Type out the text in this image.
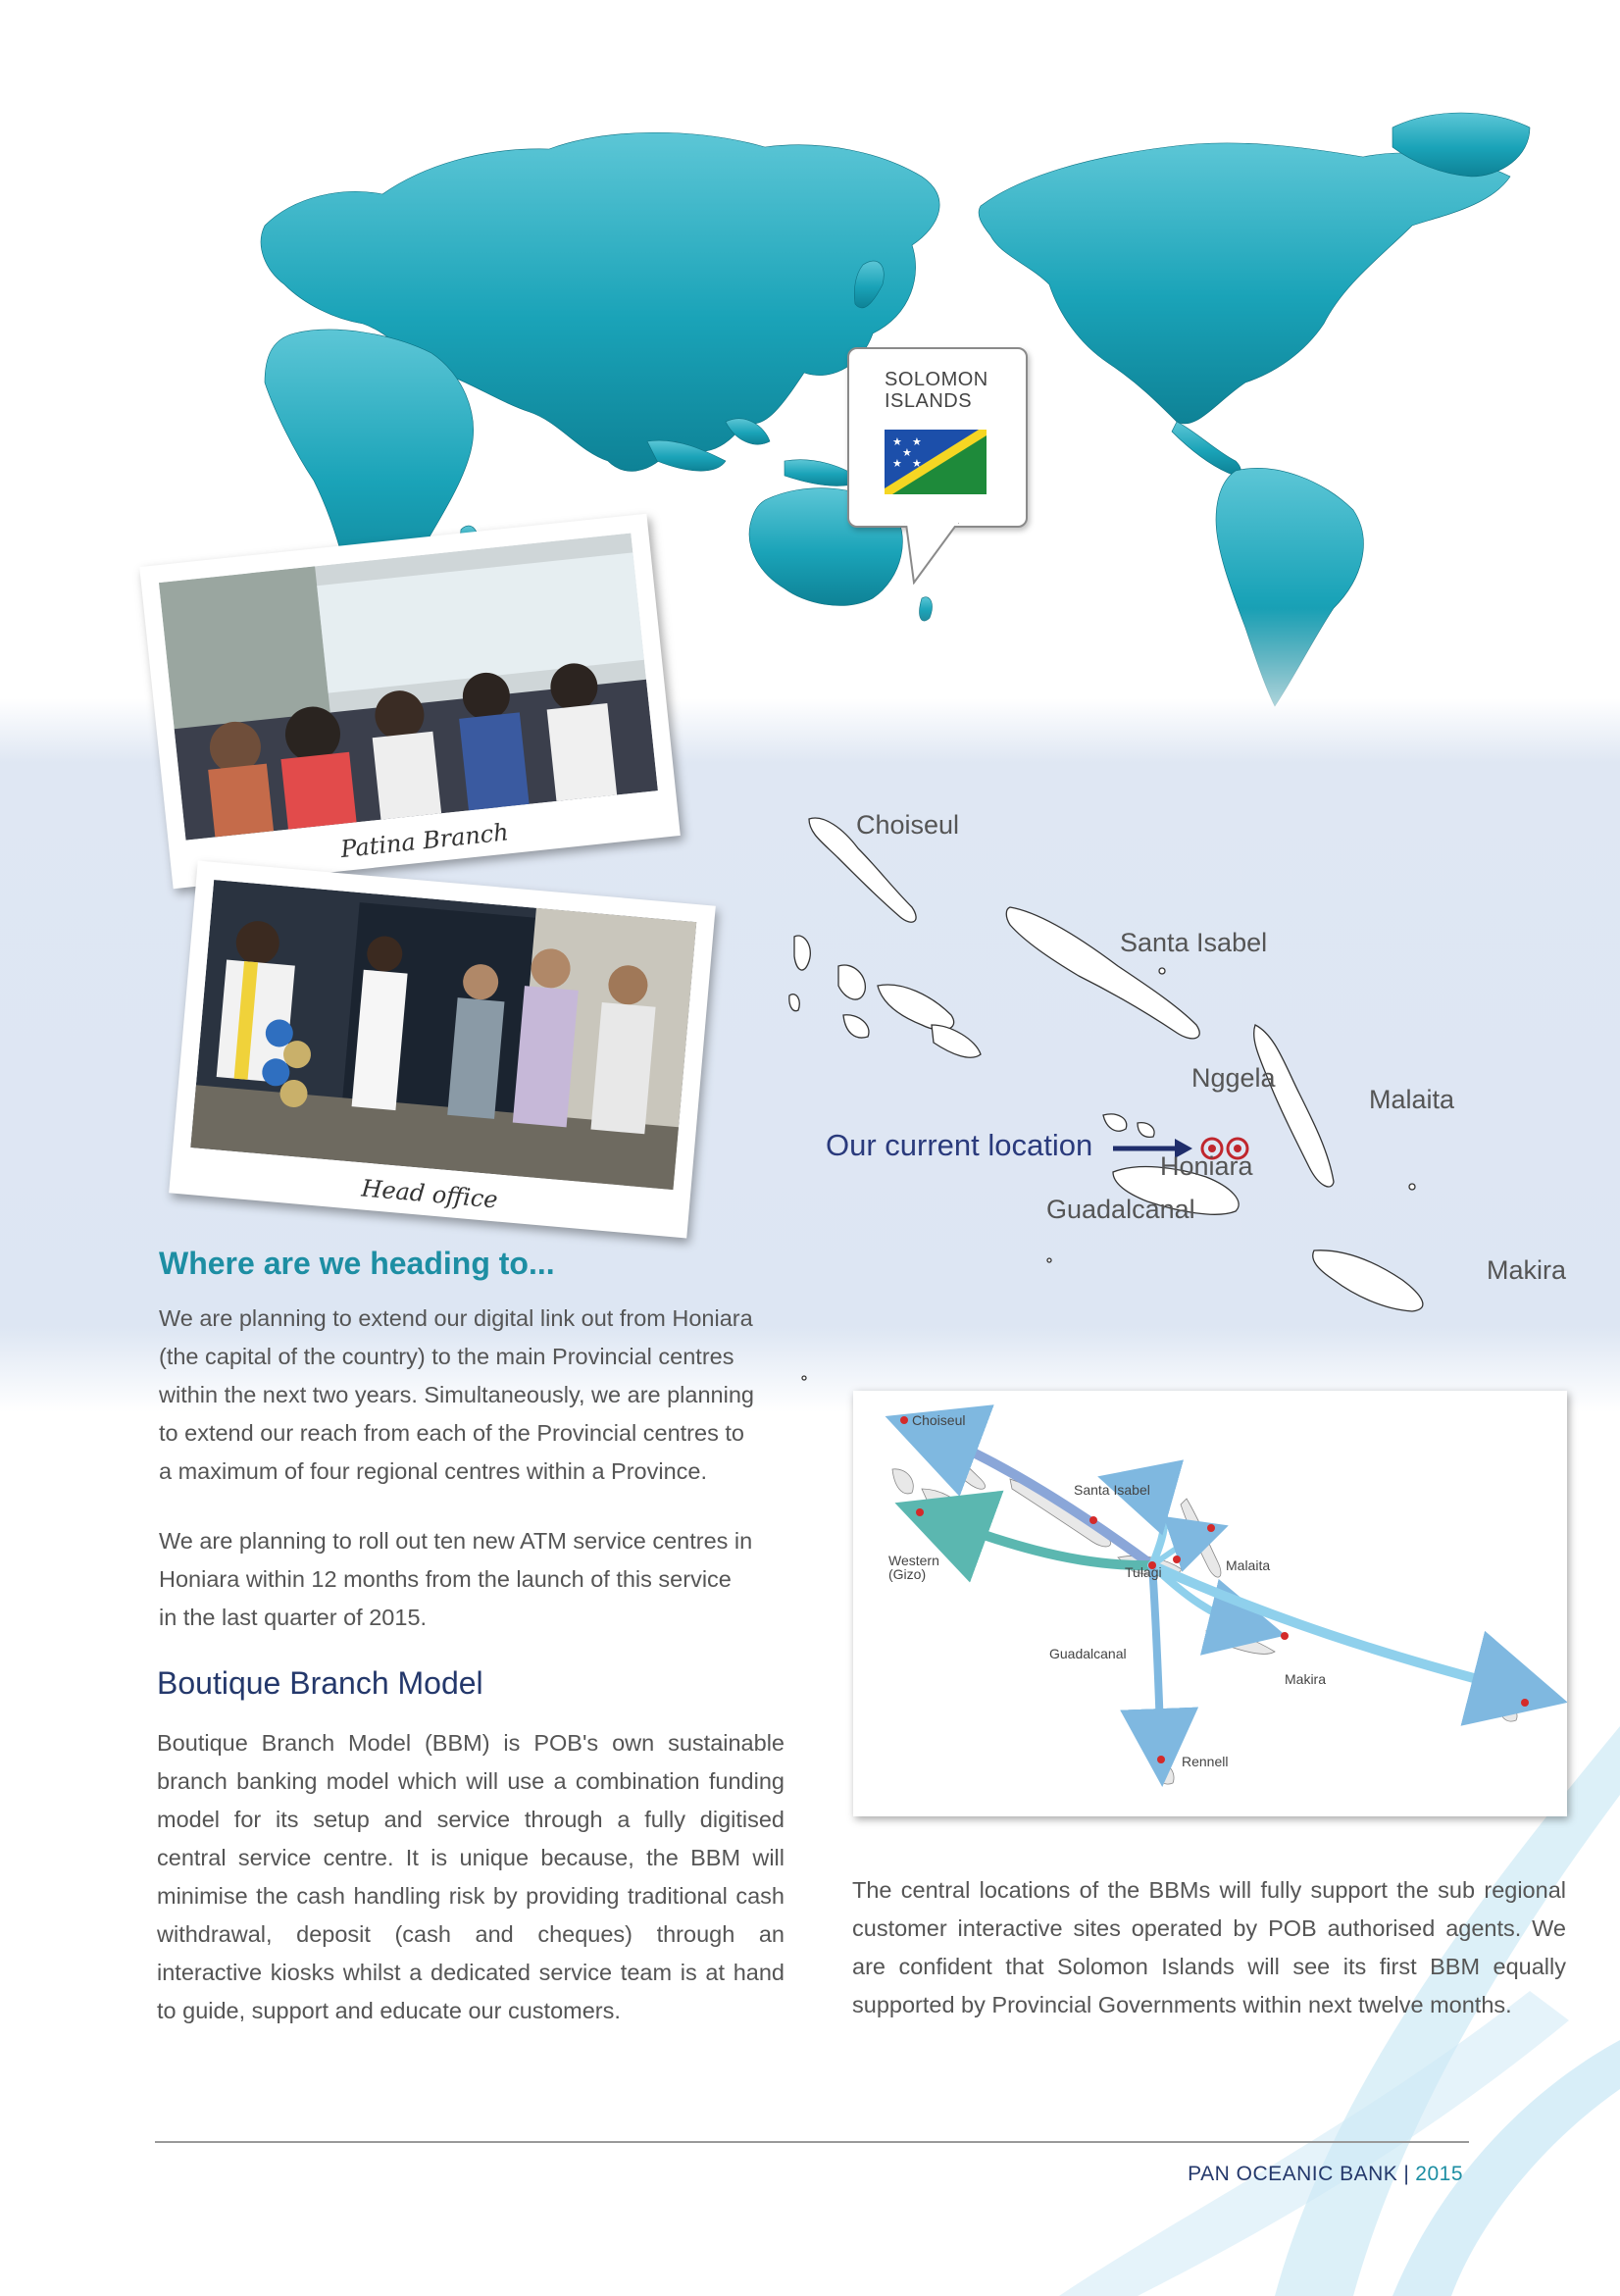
SOLOMON
ISLANDS
★ ★
★
★ ★
Patina Branch
Head office
Choiseul
Santa Isabel
Nggela
Malaita
Honiara
Guadalcanal
Makira
Our current location
Where are we heading to...
We are planning to extend our digital link out from Honiara
(the capital of the country) to the main Provincial centres
within the next two years. Simultaneously, we are planning
to extend our reach from each of the Provincial centres to
a maximum of four regional centres within a Province.
We are planning to roll out ten new ATM service centres in
Honiara within 12 months from the launch of this service
in the last quarter of 2015.
Boutique Branch Model
Boutique Branch Model (BBM) is POB's own sustainable branch banking model which will use a combination funding model for its setup and service through a fully digitised central service centre. It is unique because, the BBM will minimise the cash handling risk by providing traditional cash withdrawal, deposit (cash and cheques) through an interactive kiosks whilst a dedicated service team is at hand to guide, support and educate our customers.
Choiseul
Santa Isabel
Western
(Gizo)	Tulagi	Malaita
Guadalcanal
Makira
Rennell
The central locations of the BBMs will fully support the sub regional customer interactive sites operated by POB authorised agents. We are confident that Solomon Islands will see its first BBM equally supported by Provincial Governments within next twelve months.
PAN OCEANIC BANK | 2015
